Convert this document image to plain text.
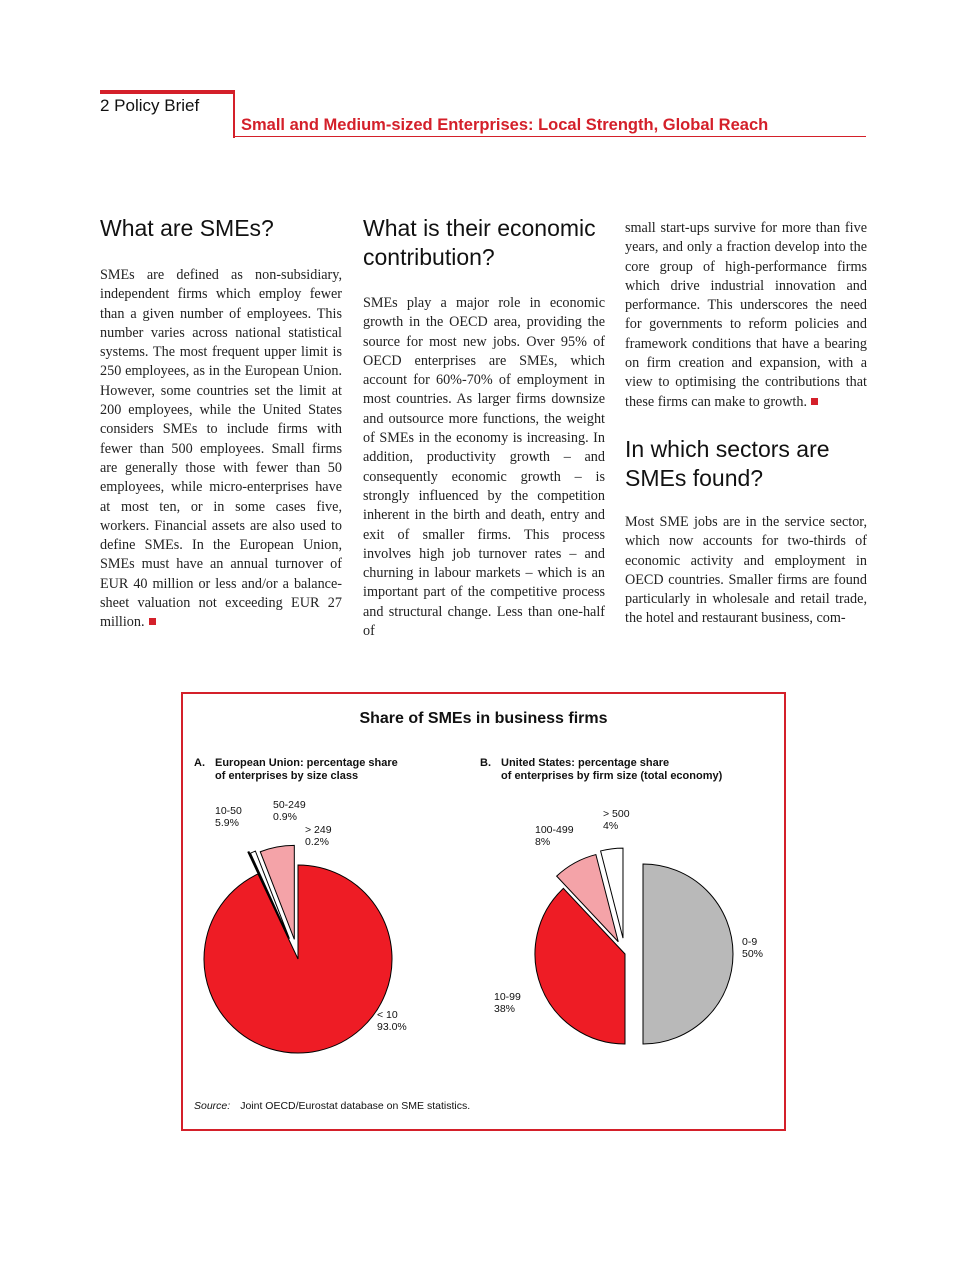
2 Policy Brief
Small and Medium-sized Enterprises: Local Strength, Global Reach
What are SMEs?

SMEs are defined as non-subsidiary, independent firms which employ fewer than a given number of employees. This number varies across national statistical systems. The most frequent upper limit is 250 employees, as in the European Union. However, some countries set the limit at 200 employees, while the United States considers SMEs to include firms with fewer than 500 employees. Small firms are generally those with fewer than 50 employees, while micro-enterprises have at most ten, or in some cases five, workers. Financial assets are also used to define SMEs. In the European Union, SMEs must have an annual turnover of EUR 40 million or less and/or a balance-sheet valuation not exceeding EUR 27 million.

What is their economic contribution?

SMEs play a major role in economic growth in the OECD area, providing the source for most new jobs. Over 95% of OECD enterprises are SMEs, which account for 60%-70% of employment in most countries. As larger firms downsize and outsource more functions, the weight of SMEs in the economy is increasing. In addition, productivity growth – and consequently economic growth – is strongly influenced by the competition inherent in the birth and death, entry and exit of smaller firms. This process involves high job turnover rates – and churning in labour markets – which is an important part of the competitive process and structural change. Less than one-half of

small start-ups survive for more than five years, and only a fraction develop into the core group of high-performance firms which drive industrial innovation and performance. This underscores the need for governments to reform policies and framework conditions that have a bearing on firm creation and expansion, with a view to optimising the contributions that these firms can make to growth.

In which sectors are SMEs found?

Most SME jobs are in the service sector, which now accounts for two-thirds of economic activity and employment in OECD countries. Smaller firms are found particularly in wholesale and retail trade, the hotel and restaurant business, com-

Share of SMEs in business firms
A. European Union: percentage share
of enterprises by size class
B. United States: percentage share
of enterprises by firm size (total economy)
10-50
5.9%
50-249
0.9%
> 249
0.2%
< 10
93.0%
> 500
4%
100-499
8%
0-9
50%
10-99
38%
Source: Joint OECD/Eurostat database on SME statistics.
